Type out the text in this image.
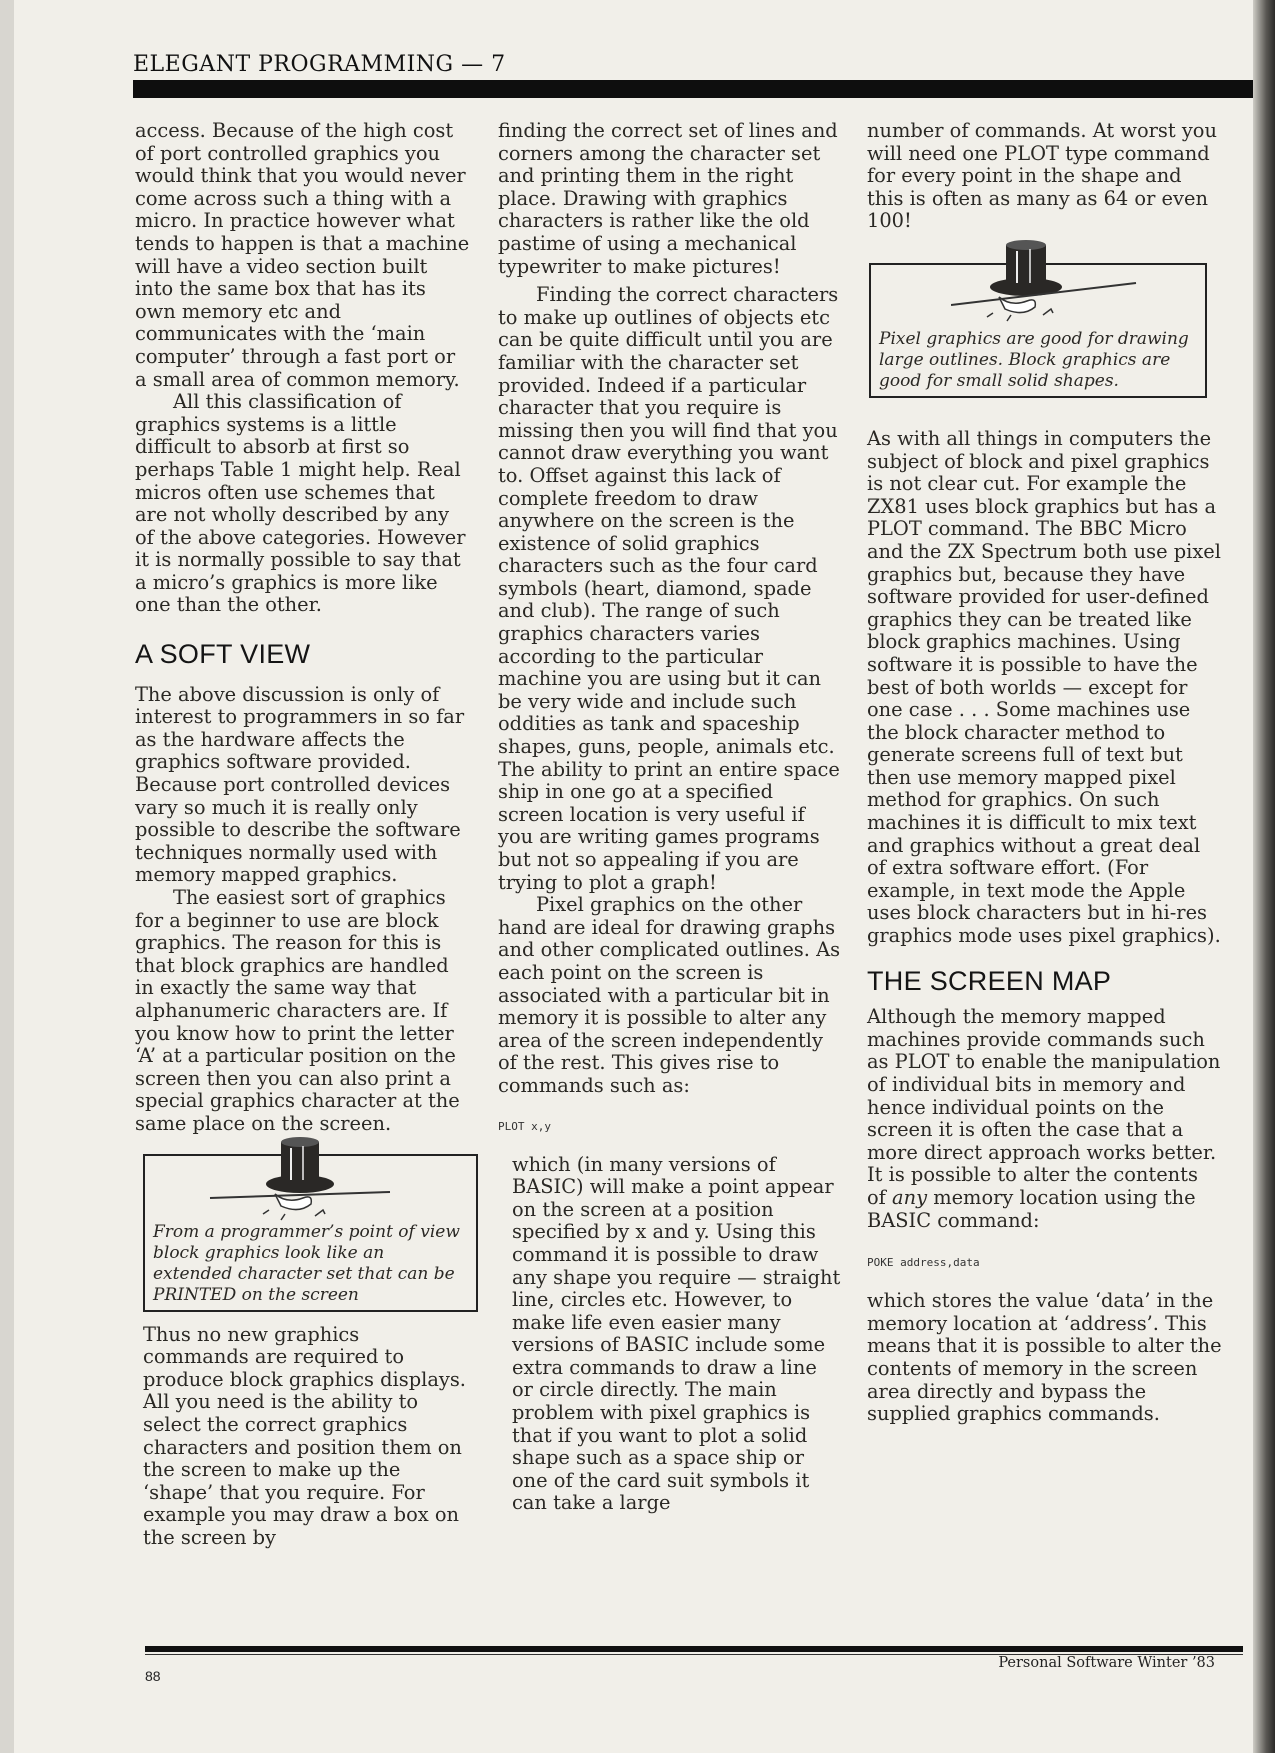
ELEGANT PROGRAMMING — 7

access. Because of the high cost of port controlled graphics you would think that you would never come across such a thing with a micro. In practice however what tends to happen is that a machine will have a video section built into the same box that has its own memory etc and communicates with the ‘main computer’ through a fast port or a small area of common memory.

All this classification of graphics systems is a little difficult to absorb at first so perhaps Table 1 might help. Real micros often use schemes that are not wholly described by any of the above categories. However it is normally possible to say that a micro’s graphics is more like one than the other.

A SOFT VIEW

The above discussion is only of interest to programmers in so far as the hardware affects the graphics software provided. Because port controlled devices vary so much it is really only possible to describe the software techniques normally used with memory mapped graphics.

The easiest sort of graphics for a beginner to use are block graphics. The reason for this is that block graphics are handled in exactly the same way that alphanumeric characters are. If you know how to print the letter ‘A’ at a particular position on the screen then you can also print a special graphics character at the same place on the screen.

From a programmer’s point of view block graphics look like an extended character set that can be PRINTED on the screen

Thus no new graphics commands are required to produce block graphics displays. All you need is the ability to select the correct graphics characters and position them on the screen to make up the ‘shape’ that you require. For example you may draw a box on the screen by

finding the correct set of lines and corners among the character set and printing them in the right place. Drawing with graphics characters is rather like the old pastime of using a mechanical typewriter to make pictures!

Finding the correct characters to make up outlines of objects etc can be quite difficult until you are familiar with the character set provided. Indeed if a particular character that you require is missing then you will find that you cannot draw everything you want to. Offset against this lack of complete freedom to draw anywhere on the screen is the existence of solid graphics characters such as the four card symbols (heart, diamond, spade and club). The range of such graphics characters varies according to the particular machine you are using but it can be very wide and include such oddities as tank and spaceship shapes, guns, people, animals etc. The ability to print an entire space ship in one go at a specified screen location is very useful if you are writing games programs but not so appealing if you are trying to plot a graph!

Pixel graphics on the other hand are ideal for drawing graphs and other complicated outlines. As each point on the screen is associated with a particular bit in memory it is possible to alter any area of the screen independently of the rest. This gives rise to commands such as:

PLOT x,y

which (in many versions of BASIC) will make a point appear on the screen at a position specified by x and y. Using this command it is possible to draw any shape you require — straight line, circles etc. However, to make life even easier many versions of BASIC include some extra commands to draw a line or circle directly. The main problem with pixel graphics is that if you want to plot a solid shape such as a space ship or one of the card suit symbols it can take a large

number of commands. At worst you will need one PLOT type command for every point in the shape and this is often as many as 64 or even 100!

Pixel graphics are good for drawing large outlines. Block graphics are good for small solid shapes.

As with all things in computers the subject of block and pixel graphics is not clear cut. For example the ZX81 uses block graphics but has a PLOT command. The BBC Micro and the ZX Spectrum both use pixel graphics but, because they have software provided for user-defined graphics they can be treated like block graphics machines. Using software it is possible to have the best of both worlds — except for one case . . . Some machines use the block character method to generate screens full of text but then use memory mapped pixel method for graphics. On such machines it is difficult to mix text and graphics without a great deal of extra software effort. (For example, in text mode the Apple uses block characters but in hi-res graphics mode uses pixel graphics).

THE SCREEN MAP

Although the memory mapped machines provide commands such as PLOT to enable the manipulation of individual bits in memory and hence individual points on the screen it is often the case that a more direct approach works better. It is possible to alter the contents of any memory location using the BASIC command:

POKE address,data

which stores the value ‘data’ in the memory location at ‘address’. This means that it is possible to alter the contents of memory in the screen area directly and bypass the supplied graphics commands.

88
Personal Software Winter ’83
